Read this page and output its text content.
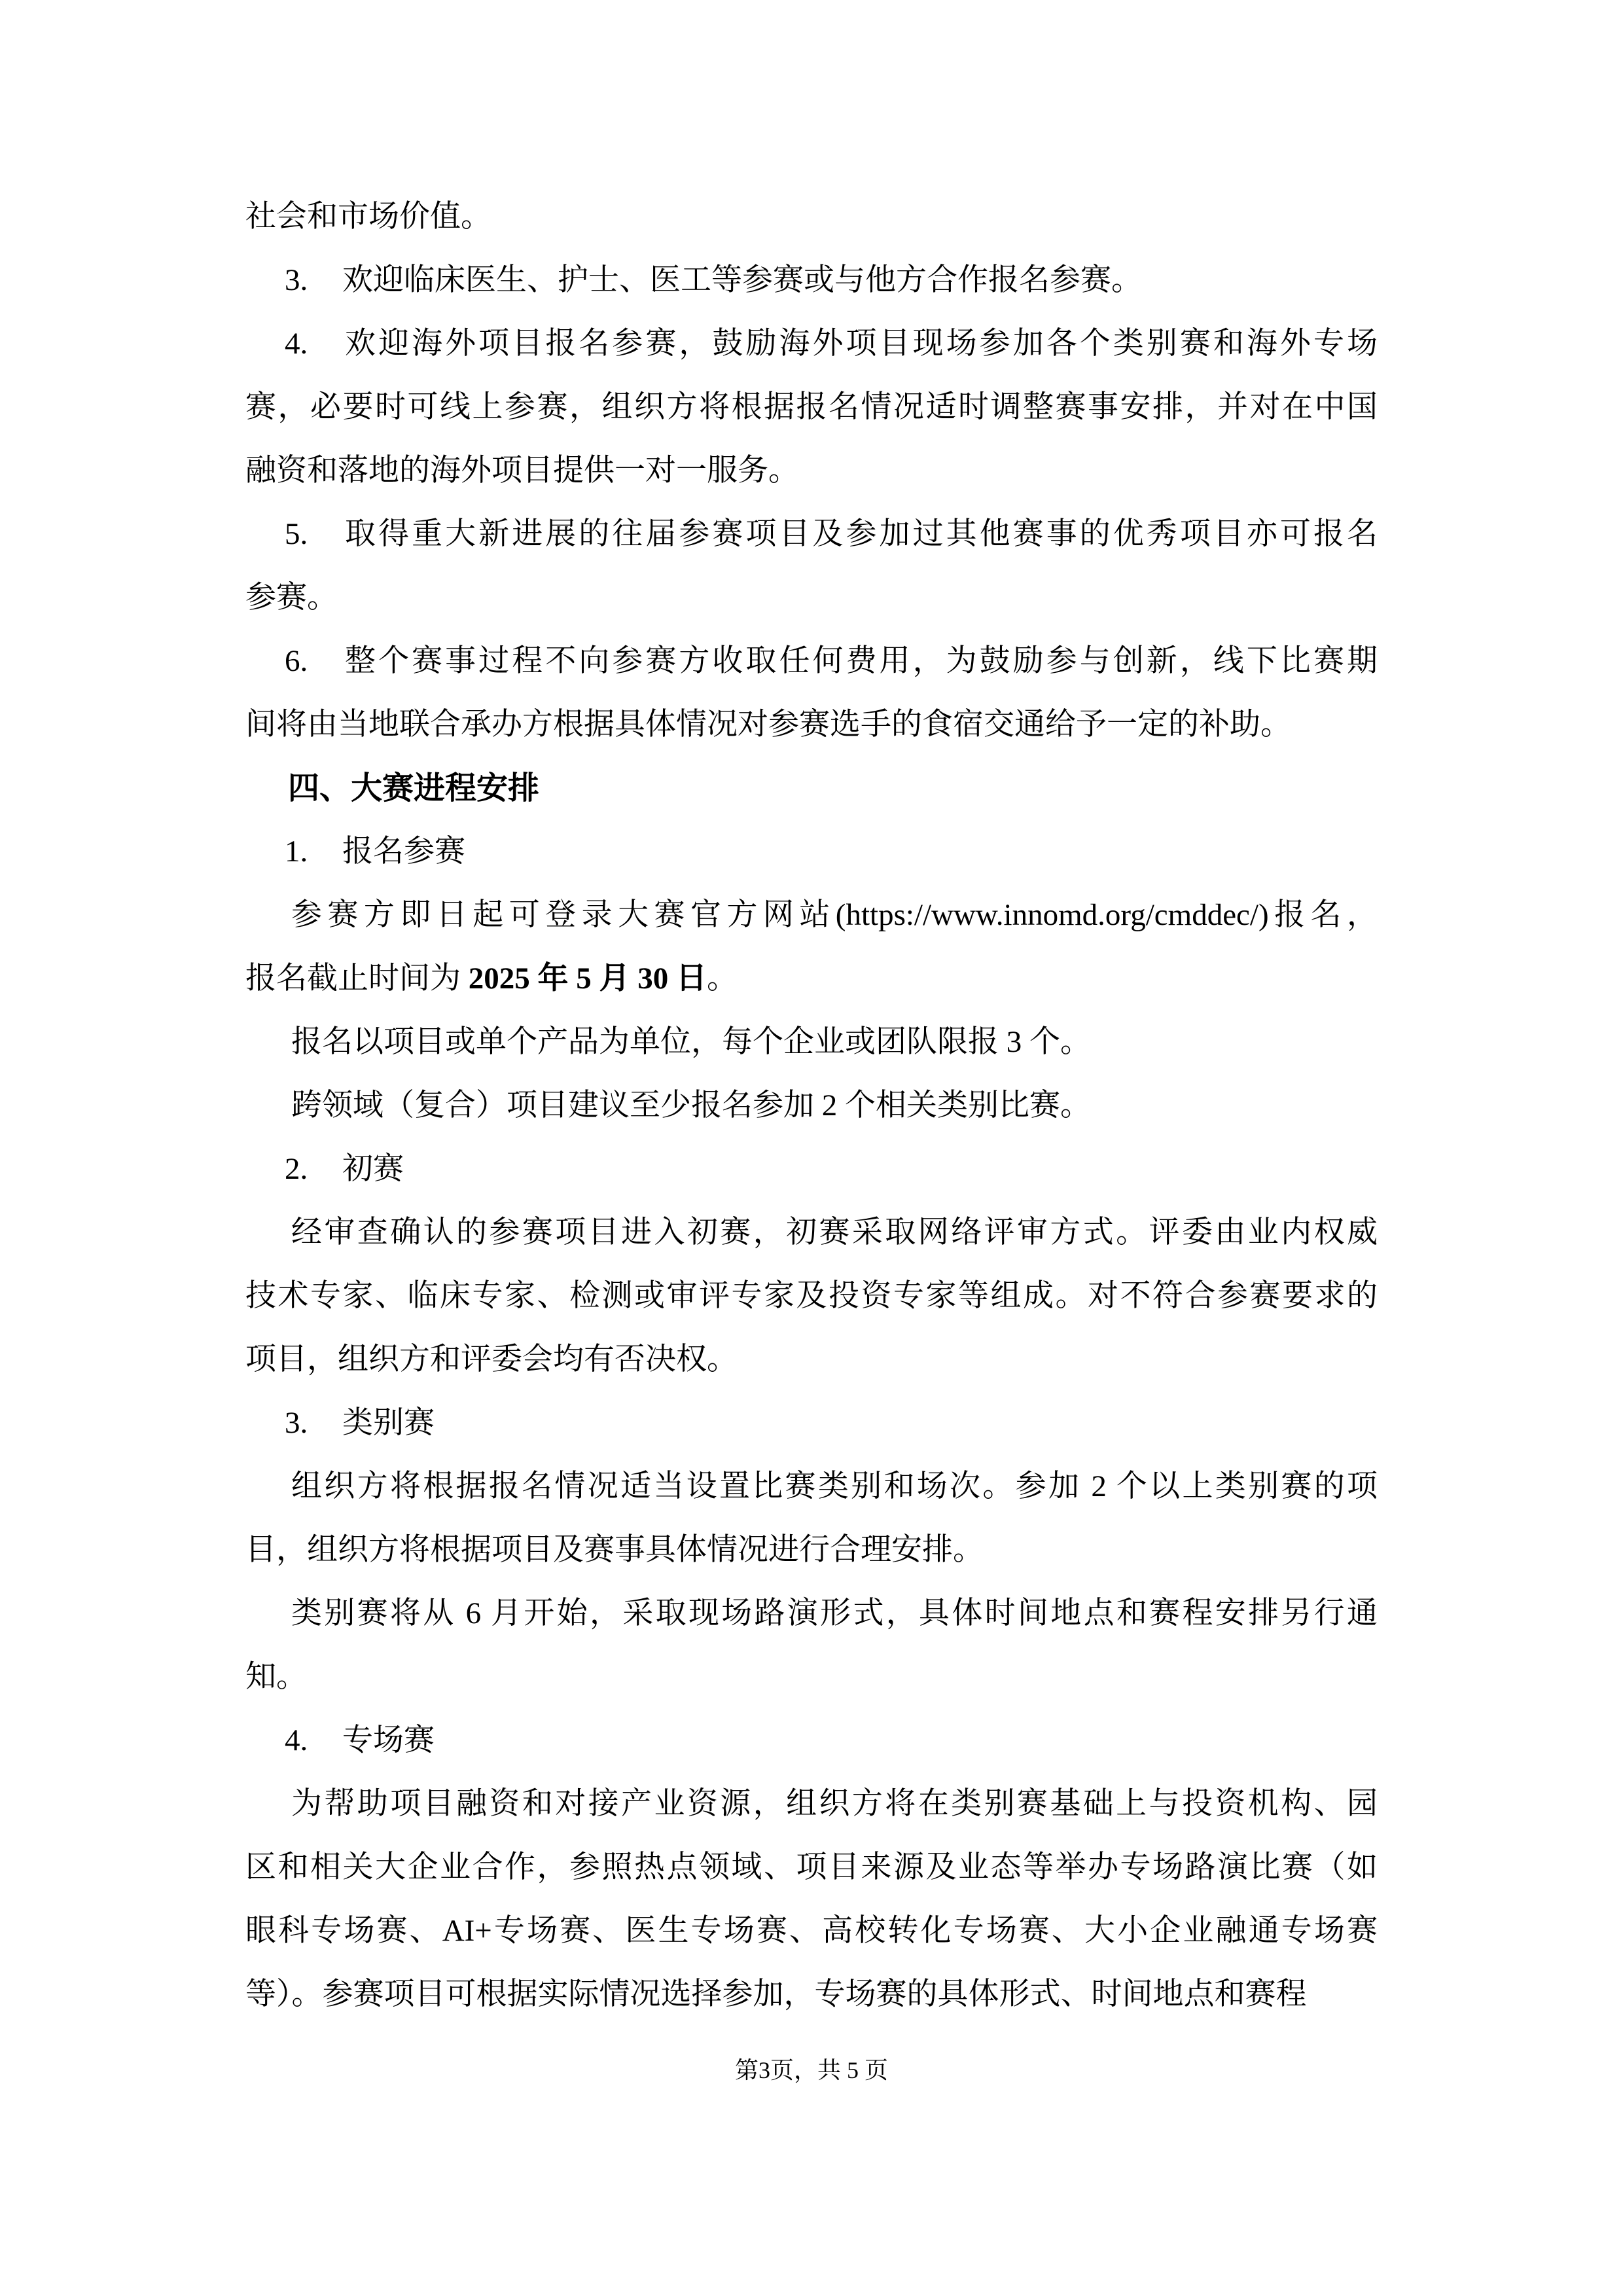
社会和市场价值。
3. 欢迎临床医生、护士、医工等参赛或与他方合作报名参赛。
4. 欢迎海外项目报名参赛，鼓励海外项目现场参加各个类别赛和海外专场
赛，必要时可线上参赛，组织方将根据报名情况适时调整赛事安排，并对在中国
融资和落地的海外项目提供一对一服务。
5. 取得重大新进展的往届参赛项目及参加过其他赛事的优秀项目亦可报名
参赛。
6. 整个赛事过程不向参赛方收取任何费用，为鼓励参与创新，线下比赛期
间将由当地联合承办方根据具体情况对参赛选手的食宿交通给予一定的补助。
四、大赛进程安排
1. 报名参赛
参赛方即日起可登录大赛官方网站(https://www.innomd.org/cmddec/)报名，
报名截止时间为 2025 年 5 月 30 日。
报名以项目或单个产品为单位，每个企业或团队限报 3 个。
跨领域（复合）项目建议至少报名参加 2 个相关类别比赛。
2. 初赛
经审查确认的参赛项目进入初赛，初赛采取网络评审方式。评委由业内权威
技术专家、临床专家、检测或审评专家及投资专家等组成。对不符合参赛要求的
项目，组织方和评委会均有否决权。
3. 类别赛
组织方将根据报名情况适当设置比赛类别和场次。参加 2 个以上类别赛的项
目，组织方将根据项目及赛事具体情况进行合理安排。
类别赛将从 6 月开始，采取现场路演形式，具体时间地点和赛程安排另行通
知。
4. 专场赛
为帮助项目融资和对接产业资源，组织方将在类别赛基础上与投资机构、园
区和相关大企业合作，参照热点领域、项目来源及业态等举办专场路演比赛（如
眼科专场赛、AI+专场赛、医生专场赛、高校转化专场赛、大小企业融通专场赛
等）。参赛项目可根据实际情况选择参加，专场赛的具体形式、时间地点和赛程
第3页，共 5 页
